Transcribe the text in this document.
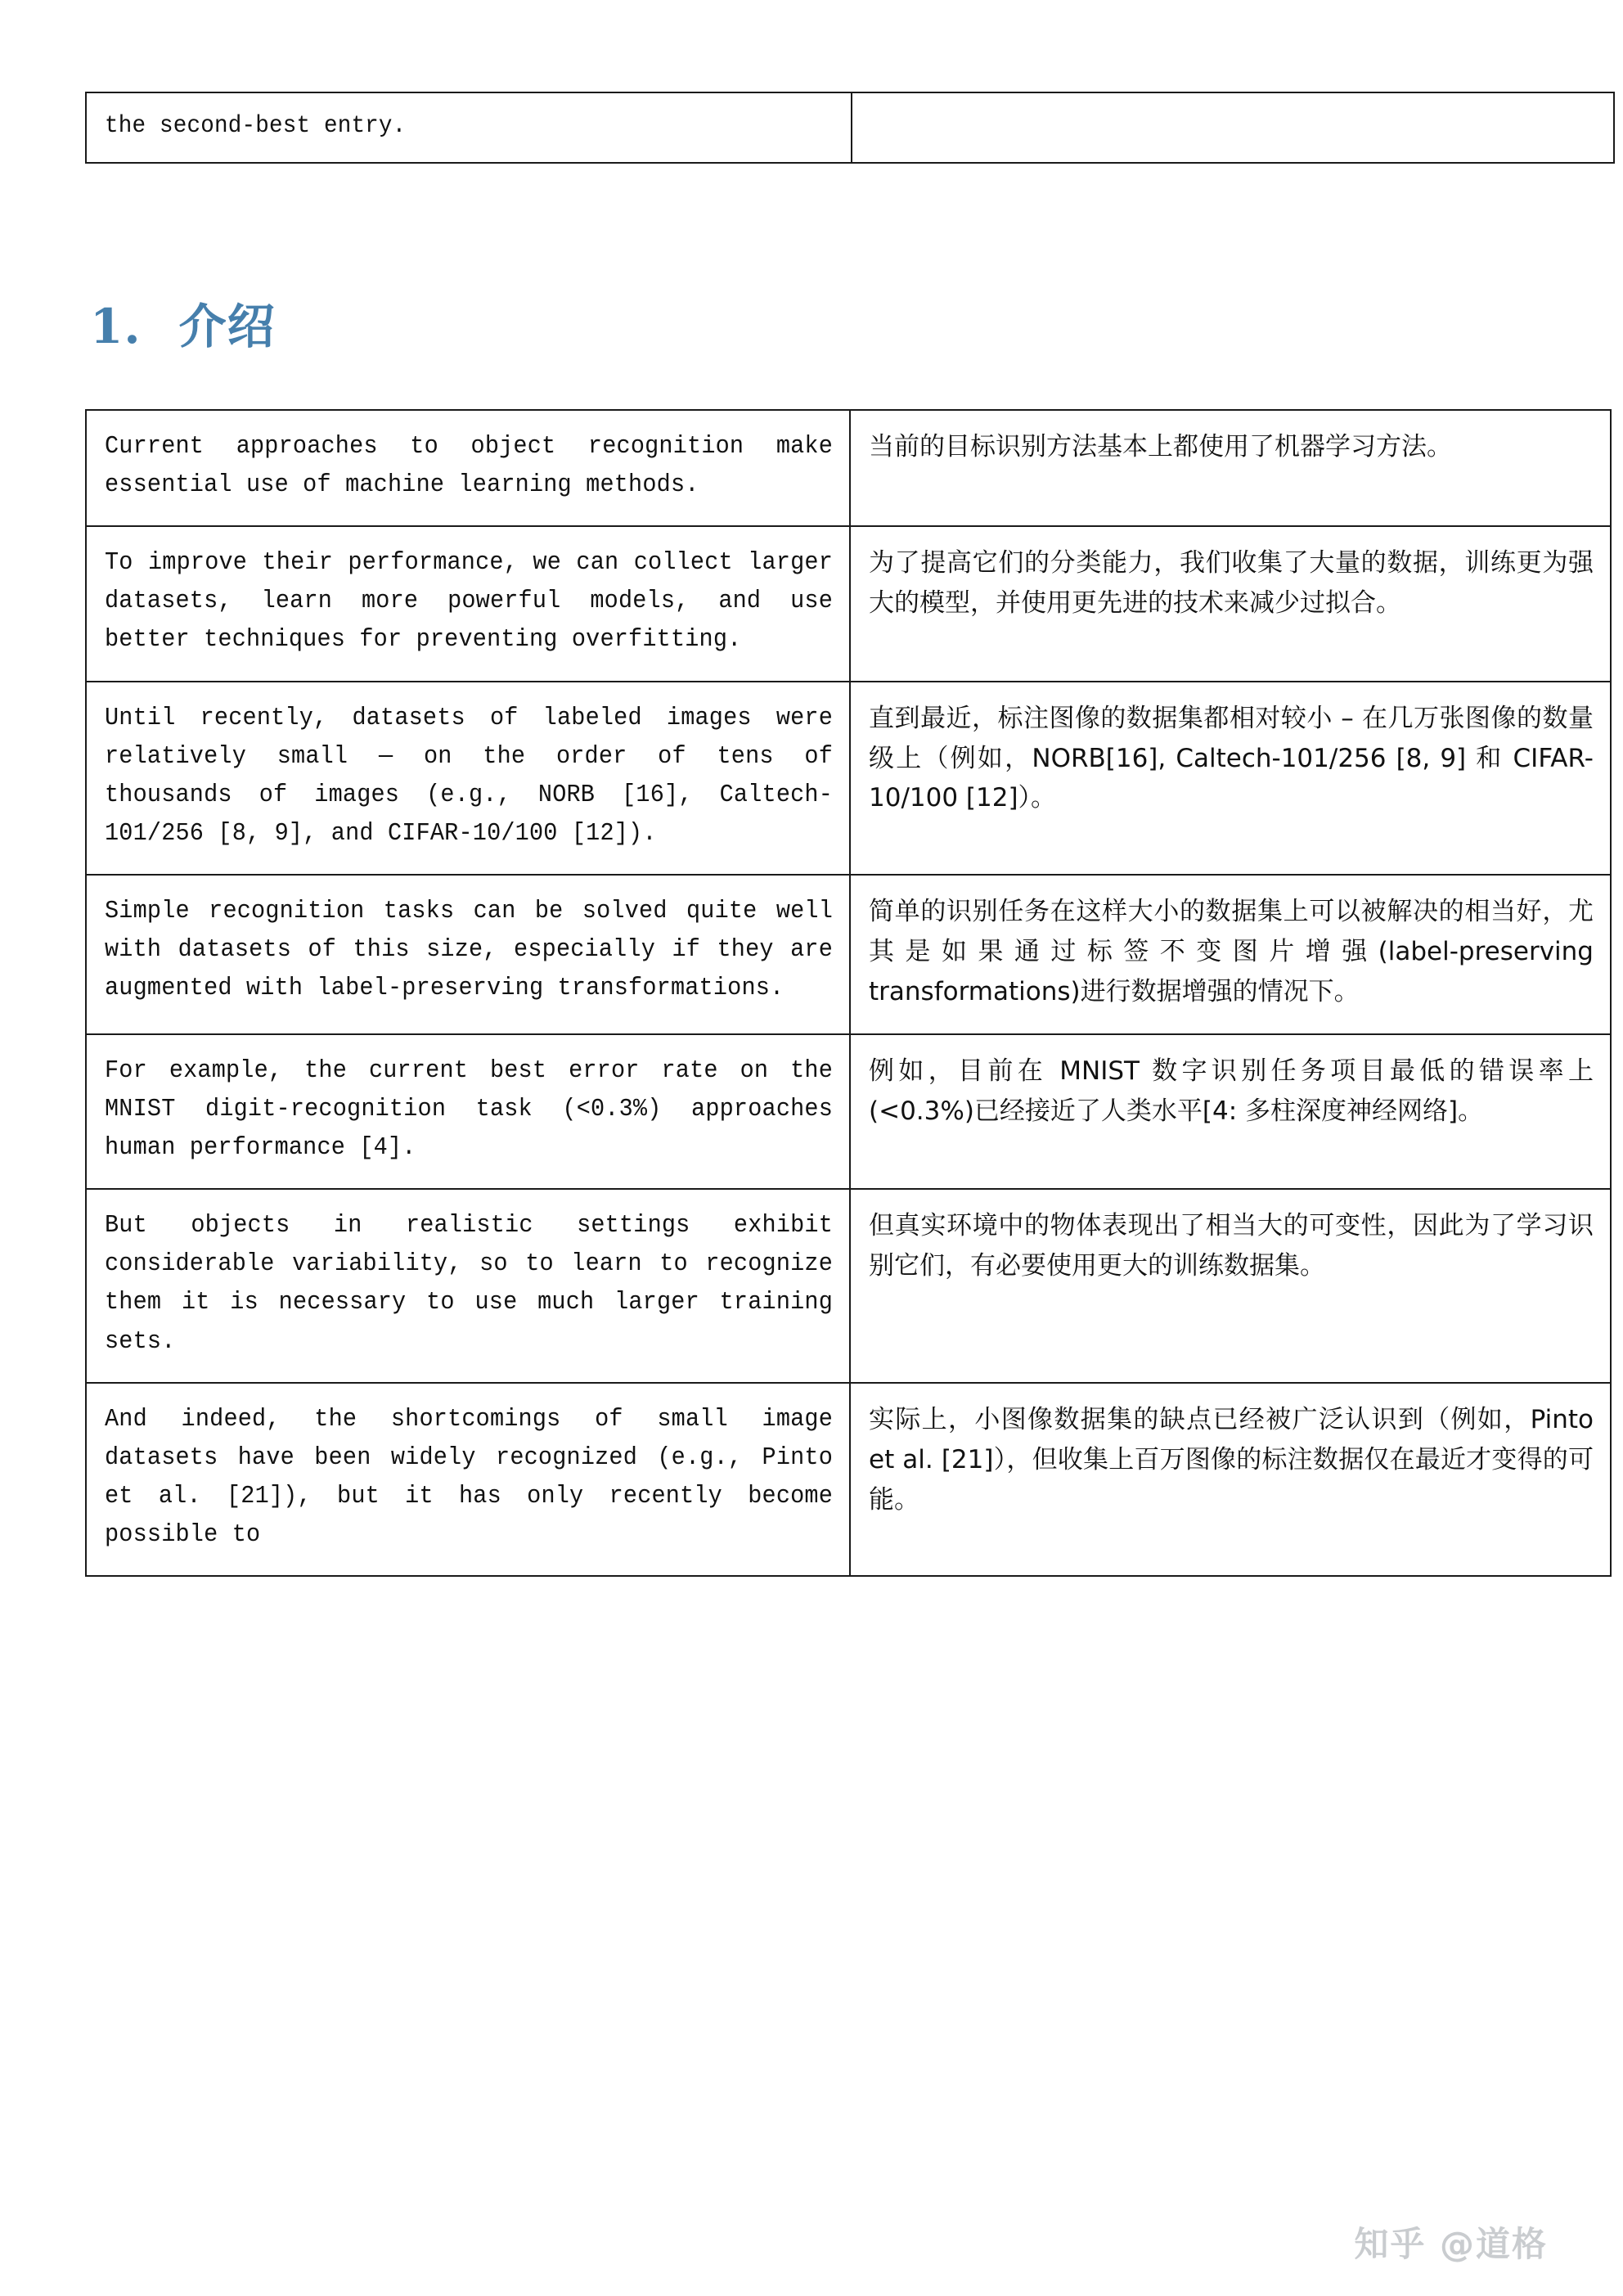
the second-best entry.

1. 介绍

Current approaches to object recognition make essential use of machine learning methods.	当前的目标识别方法基本上都使用了机器学习方法。

To improve their performance, we can collect larger datasets, learn more powerful models, and use better techniques for preventing overfitting.	为了提高它们的分类能力，我们收集了大量的数据，训练更为强大的模型，并使用更先进的技术来减少过拟合。

Until recently, datasets of labeled images were relatively small — on the order of tens of thousands of images (e.g., NORB [16], Caltech-101/256 [8, 9], and CIFAR-10/100 [12]).	直到最近，标注图像的数据集都相对较小 – 在几万张图像的数量级上（例如，NORB[16], Caltech-101/256 [8, 9] 和 CIFAR-10/100 [12]）。

Simple recognition tasks can be solved quite well with datasets of this size, especially if they are augmented with label-preserving transformations.	简单的识别任务在这样大小的数据集上可以被解决的相当好，尤其是如果通过标签不变图片增强(label-preserving transformations)进行数据增强的情况下。

For example, the current best error rate on the MNIST digit-recognition task (<0.3%) approaches human performance [4].	例如，目前在 MNIST 数字识别任务项目最低的错误率上(<0.3%)已经接近了人类水平[4: 多柱深度神经网络]。

But objects in realistic settings exhibit considerable variability, so to learn to recognize them it is necessary to use much larger training sets.	但真实环境中的物体表现出了相当大的可变性，因此为了学习识别它们，有必要使用更大的训练数据集。

And indeed, the shortcomings of small image datasets have been widely recognized (e.g., Pinto et al. [21]), but it has only recently become possible to	实际上，小图像数据集的缺点已经被广泛认识到（例如，Pinto et al. [21]），但收集上百万图像的标注数据仅在最近才变得的可能。

知乎 @道格
